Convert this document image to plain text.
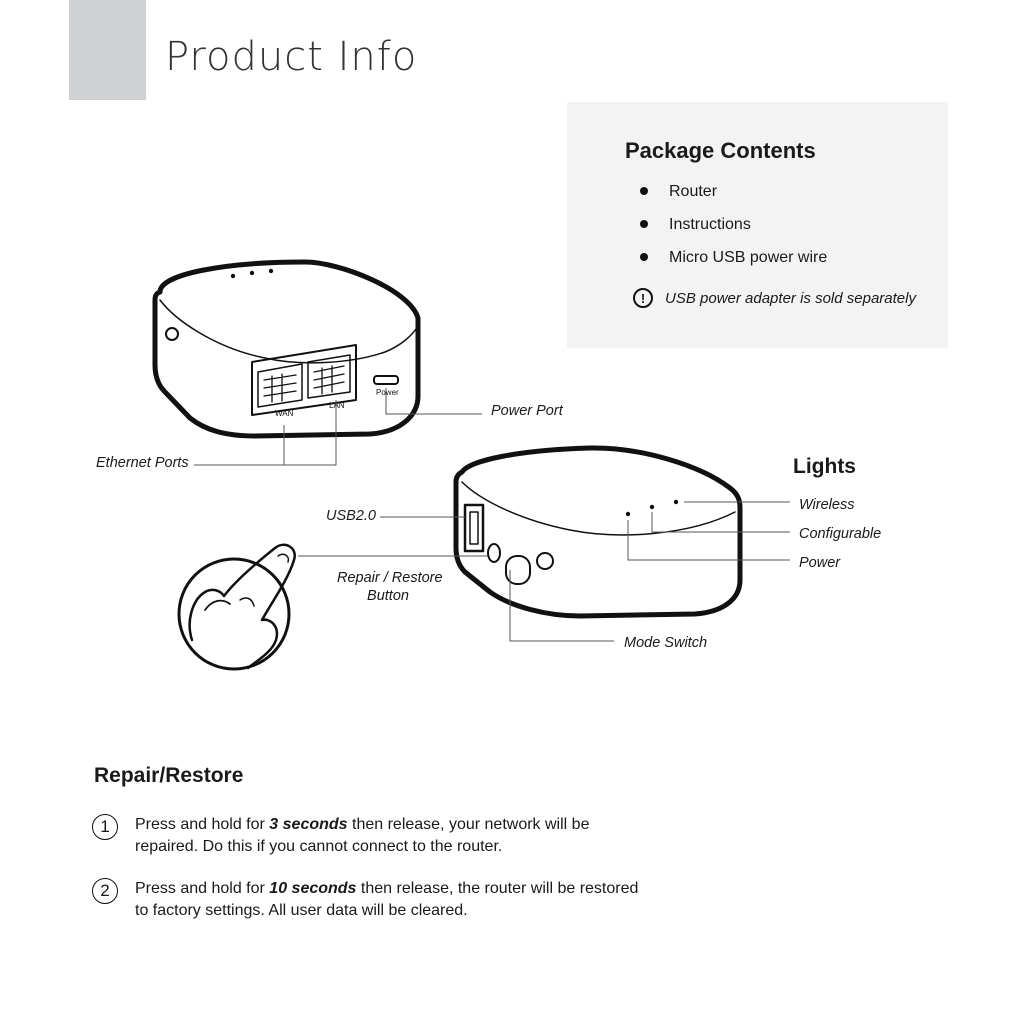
Product Info
Package Contents
Router
Instructions
Micro USB power wire
!	USB power adapter is sold separately
WAN
LAN
Power
Power Port
Ethernet Ports
USB2.0
Repair / Restore
Button
Mode Switch
Lights
Wireless
Configurable
Power
Repair/Restore
1	Press and hold for 3 seconds then release, your network will be repaired. Do this if you cannot connect to the router.
2	Press and hold for 10 seconds then release, the router will be restored to factory settings. All user data will be cleared.
